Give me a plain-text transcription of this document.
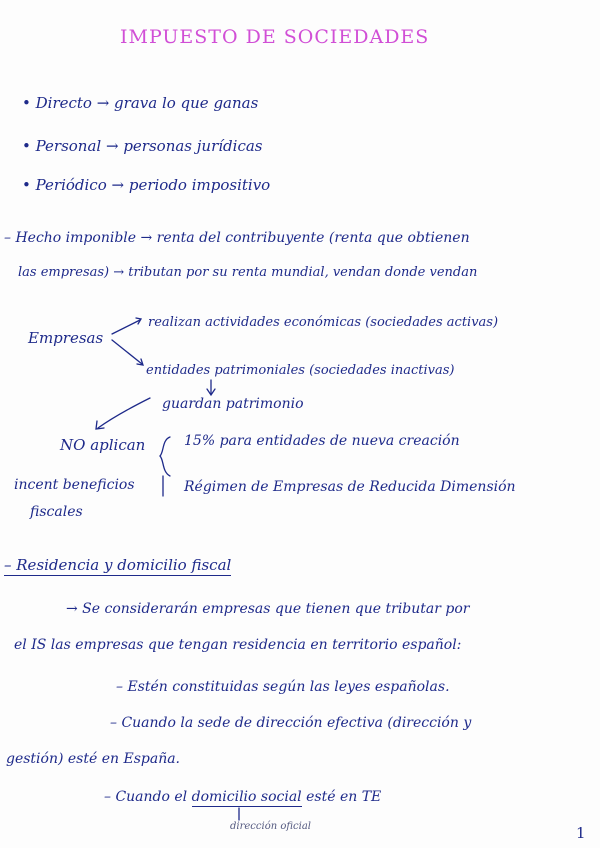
IMPUESTO DE SOCIEDADES
• Directo → grava lo que ganas
• Personal → personas jurídicas
• Periódico → periodo impositivo
– Hecho imponible → renta del contribuyente (renta que obtienen
las empresas) → tributan por su renta mundial, vendan donde vendan
Empresas
realizan actividades económicas (sociedades activas)
entidades patrimoniales (sociedades inactivas)
guardan patrimonio
NO aplican
incent beneficios
fiscales
15% para entidades de nueva creación
Régimen de Empresas de Reducida Dimensión
– Residencia y domicilio fiscal
→ Se considerarán empresas que tienen que tributar por
el IS las empresas que tengan residencia en territorio español:
– Estén constituidas según las leyes españolas.
– Cuando la sede de dirección efectiva (dirección y
gestión) esté en España.
– Cuando el domicilio social esté en TE
dirección oficial	1
